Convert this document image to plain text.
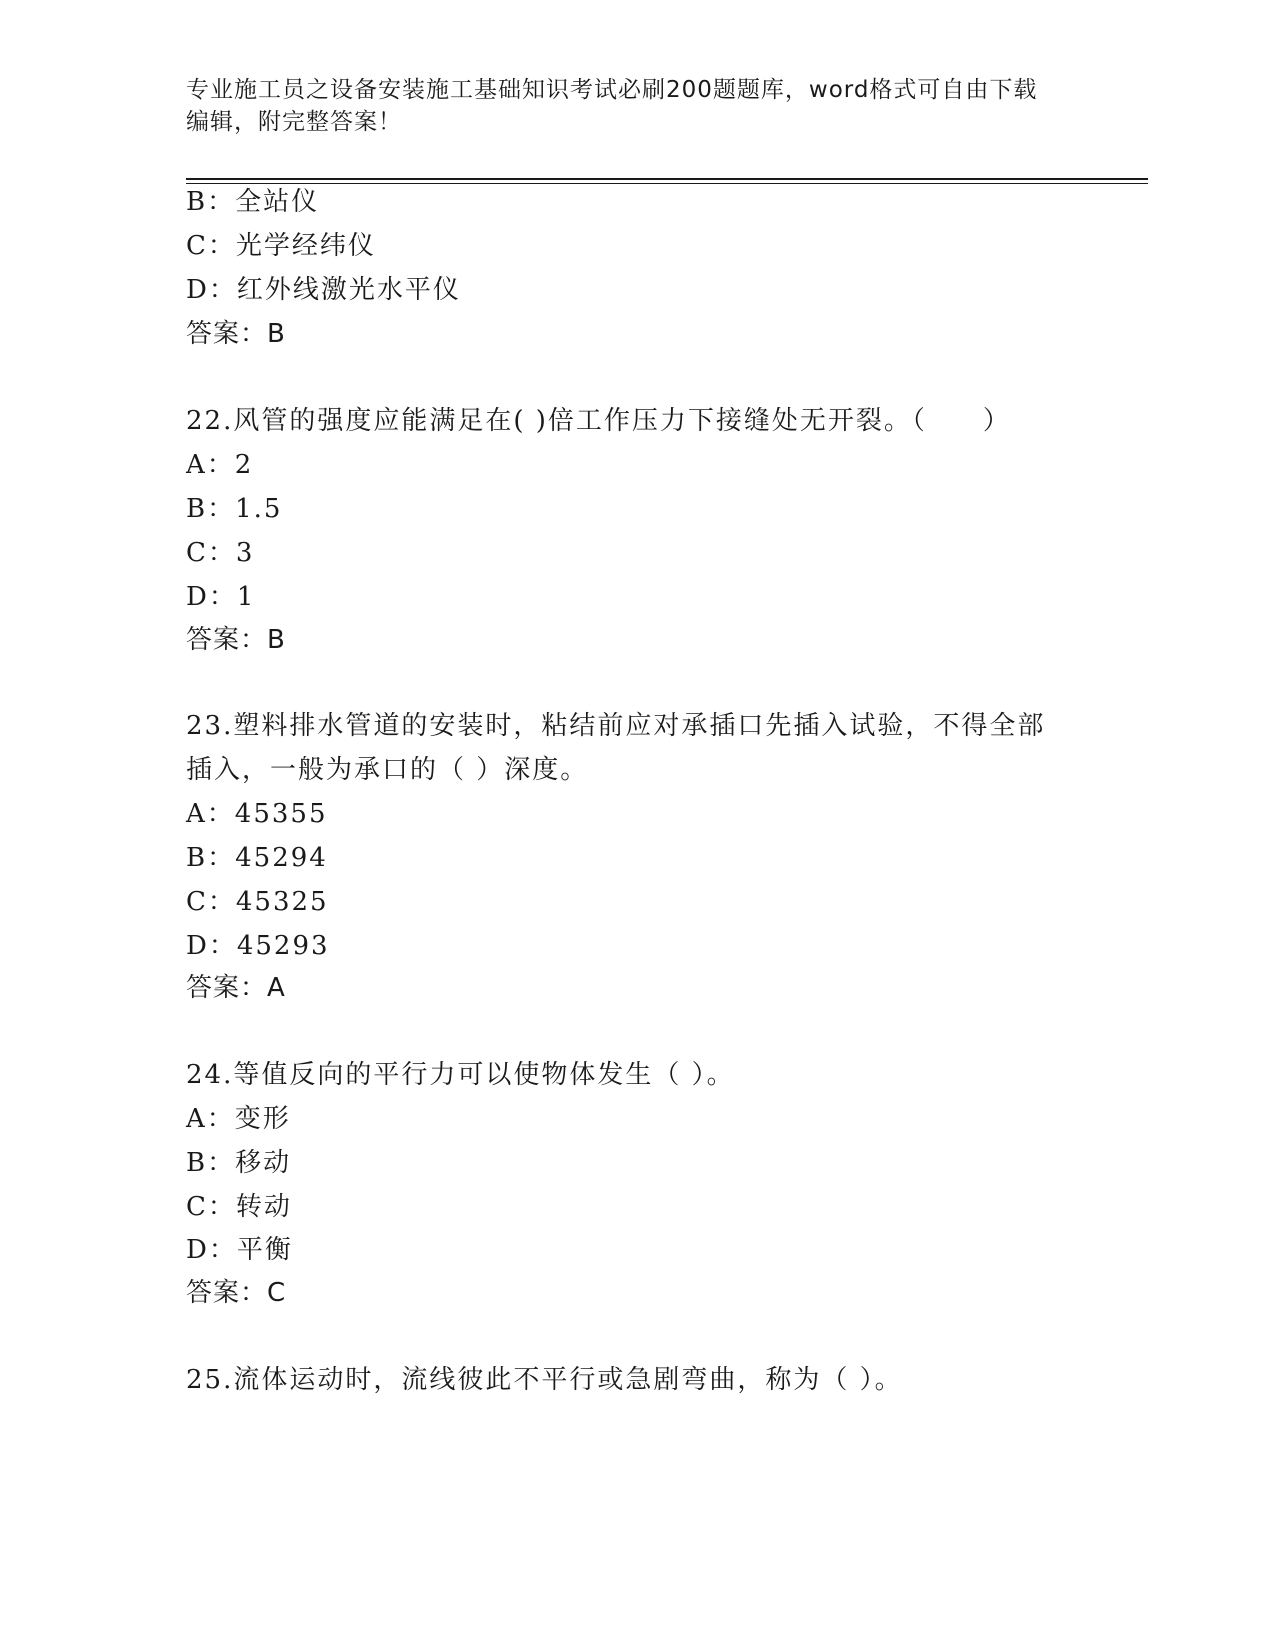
专业施工员之设备安装施工基础知识考试必刷200题题库，word格式可自由下载
编辑，附完整答案！
B：全站仪
C：光学经纬仪
D：红外线激光水平仪
答案：B
22.风管的强度应能满足在( )倍工作压力下接缝处无开裂。（　　）
A：2
B：1.5
C：3
D：1
答案：B
23.塑料排水管道的安装时，粘结前应对承插口先插入试验，不得全部
插入，一般为承口的（ ）深度。
A：45355
B：45294
C：45325
D：45293
答案：A
24.等值反向的平行力可以使物体发生（ ）。
A：变形
B：移动
C：转动
D：平衡
答案：C
25.流体运动时，流线彼此不平行或急剧弯曲，称为（ ）。
